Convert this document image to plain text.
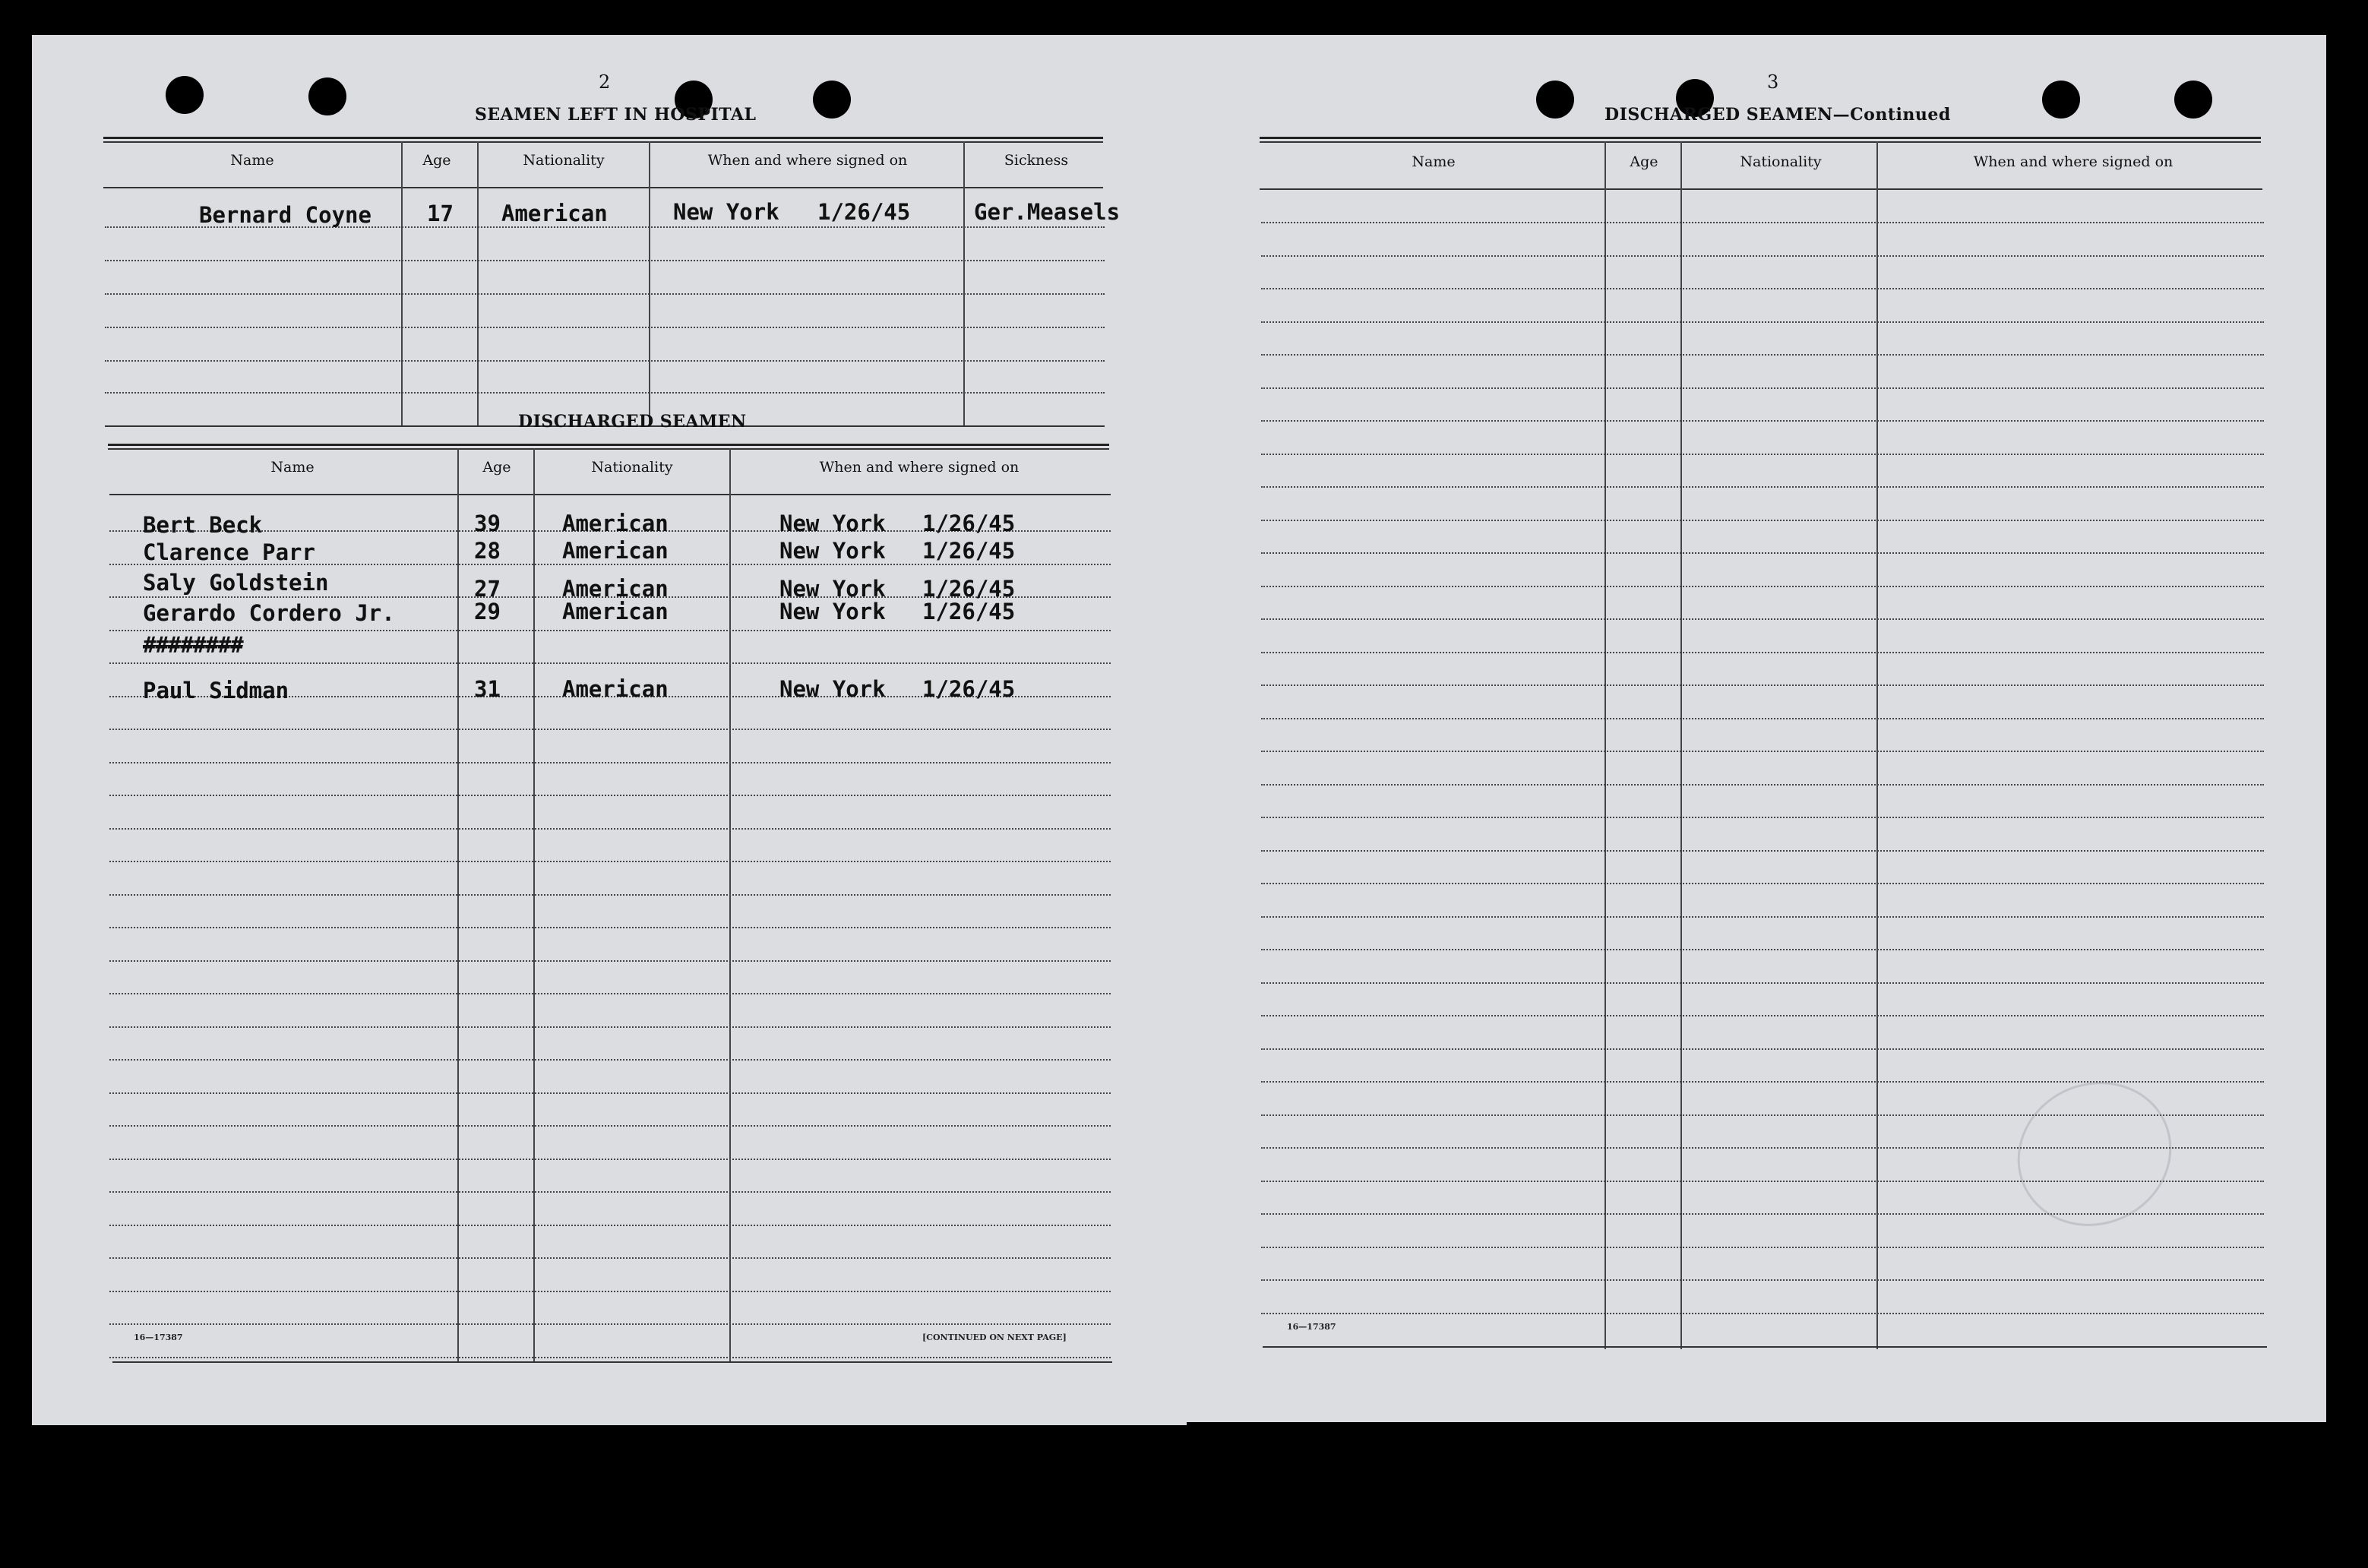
2
SEAMEN LEFT IN HOSPITAL
Name	Age	Nationality	When and where signed on	Sickness
Bernard Coyne	17 American	New York 1/26/45	Ger.Measels
DISCHARGED SEAMEN
Name	Age	Nationality	When and where signed on
Bert Beck	39	American	New York 1/26/45
Clarence Parr	28	American	New York 1/26/45
Saly Goldstein	27	American	New York 1/26/45
Gerardo Cordero Jr.	29	American	New York 1/26/45
########
Paul Sidman	31	American	New York 1/26/45
16—17387	[CONTINUED ON NEXT PAGE]
3
DISCHARGED SEAMEN—Continued
Name	Age	Nationality	When and where signed on
16—17387
